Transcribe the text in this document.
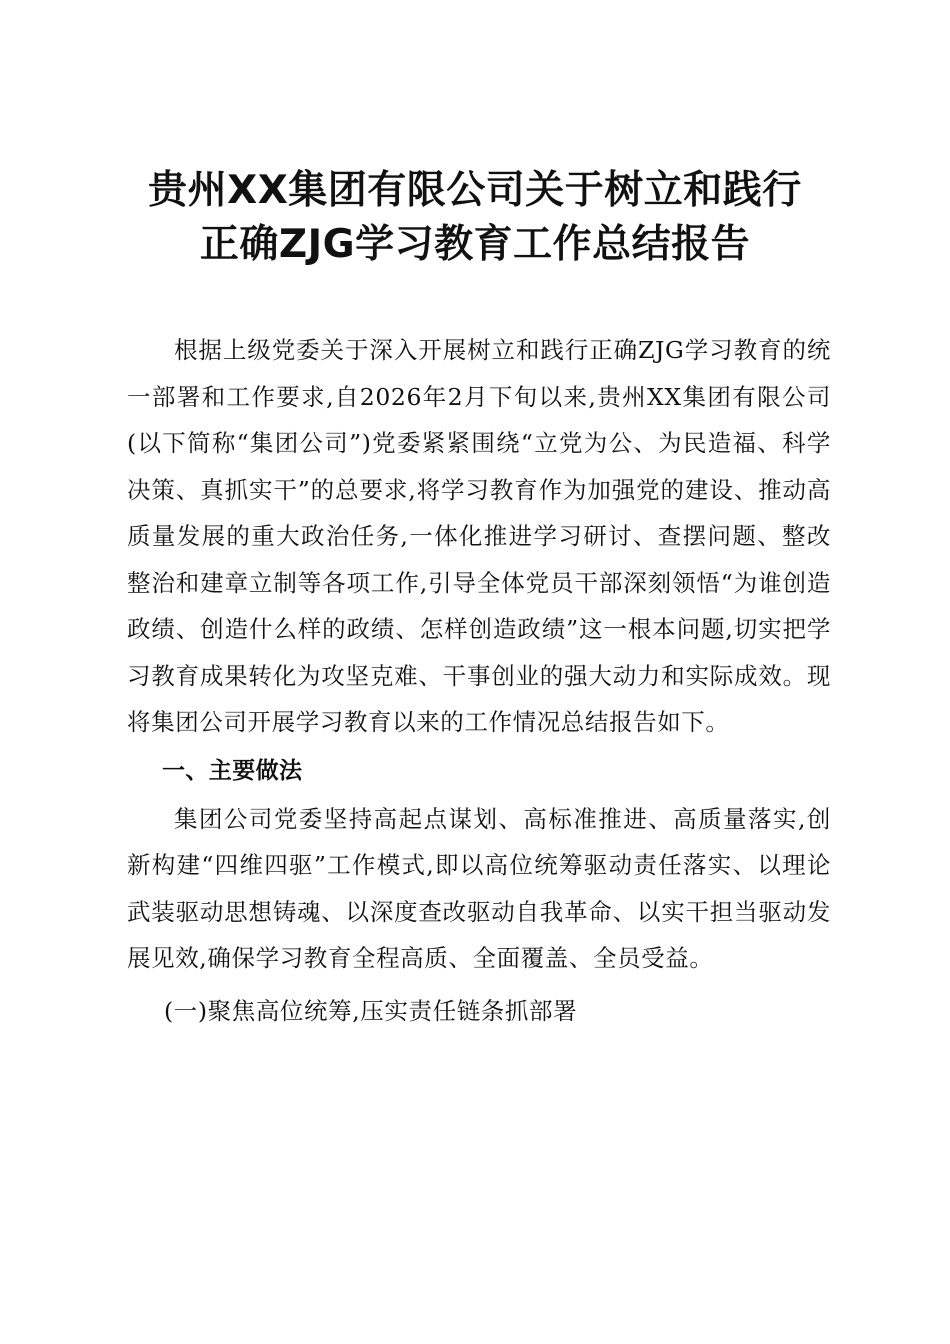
贵州XX集团有限公司关于树立和践行
正确ZJG学习教育工作总结报告

根据上级党委关于深入开展树立和践行正确ZJG学习教育的统一部署和工作要求,自2026年2月下旬以来,贵州XX集团有限公司(以下简称“集团公司”)党委紧紧围绕“立党为公、为民造福、科学决策、真抓实干”的总要求,将学习教育作为加强党的建设、推动高质量发展的重大政治任务,一体化推进学习研讨、查摆问题、整改整治和建章立制等各项工作,引导全体党员干部深刻领悟“为谁创造政绩、创造什么样的政绩、怎样创造政绩”这一根本问题,切实把学习教育成果转化为攻坚克难、干事创业的强大动力和实际成效。现将集团公司开展学习教育以来的工作情况总结报告如下。

一、主要做法

集团公司党委坚持高起点谋划、高标准推进、高质量落实,创新构建“四维四驱”工作模式,即以高位统筹驱动责任落实、以理论武装驱动思想铸魂、以深度查改驱动自我革命、以实干担当驱动发展见效,确保学习教育全程高质、全面覆盖、全员受益。

(一)聚焦高位统筹,压实责任链条抓部署
